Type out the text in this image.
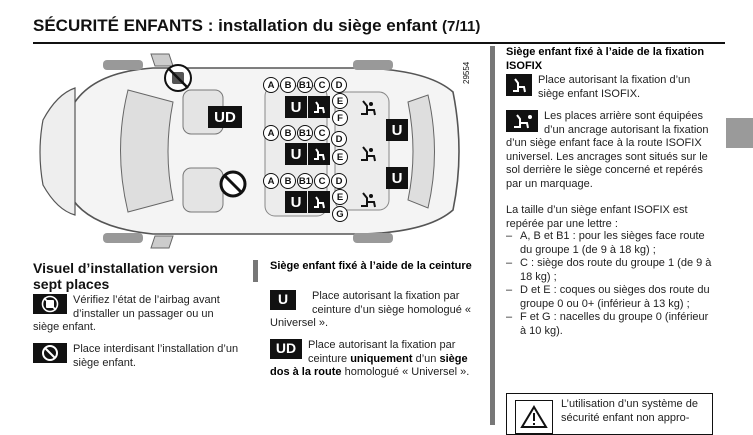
SÉCURITÉ ENFANTS : installation du siège enfant (7/11)
29554
UD
A	B B1 C	D
U	E
F
U
A	B B1 C
D
U	E
A	B B1 C	D
U	E
G
U
Visuel d’installation version sept places
Vérifiez l’état de l’airbag avant d’installer un passager ou un siège enfant.
Place interdisant l’installation d’un siège enfant.
Siège enfant fixé à l’aide de la ceinture
U	Place autorisant la fixation par ceinture d’un siège homologué « Universel ».
UD	Place autorisant la fixation par ceinture uniquement d’un siège dos à la route homologué « Universel ».
Siège enfant fixé à l’aide de la fixation ISOFIX
Place autorisant la fixation d’un siège enfant ISOFIX.
Les places arrière sont équipées d’un ancrage autorisant la fixation d’un siège enfant face à la route ISOFIX universel. Les ancrages sont situés sur le sol derrière le siège concerné et repérés par un marquage.
La taille d’un siège enfant ISOFIX est repérée par une lettre :
– A, B et B1 : pour les sièges face route du groupe 1 (de 9 à 18 kg) ;
– C : siège dos route du groupe 1 (de 9 à 18 kg) ;
– D et E : coques ou sièges dos route du groupe 0 ou 0+ (inférieur à 13 kg) ;
– F et G : nacelles du groupe 0 (inférieur à 10 kg).
L’utilisation d’un système de sécurité enfant non appro-
